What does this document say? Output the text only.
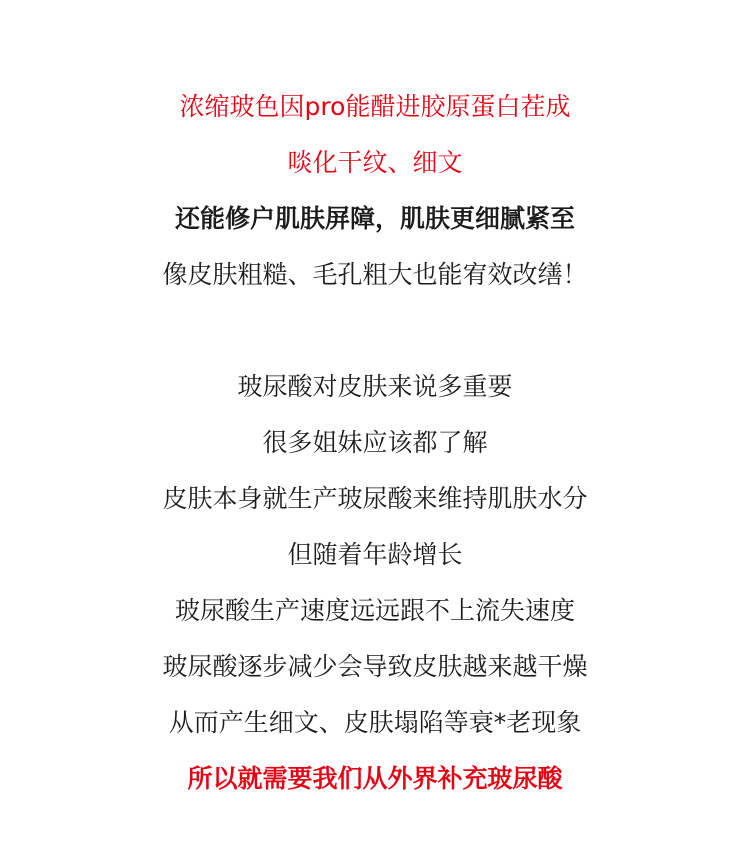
浓缩玻色因pro能醋进胶原蛋白茬成
啖化干纹、细文
还能修户肌肤屏障，肌肤更细腻紧至
像皮肤粗糙、毛孔粗大也能宥效改缮！
玻尿酸对皮肤来说多重要
很多姐妹应该都了解
皮肤本身就生产玻尿酸来维持肌肤水分
但随着年龄增长
玻尿酸生产速度远远跟不上流失速度
玻尿酸逐步减少会导致皮肤越来越干燥
从而产生细文、皮肤塌陷等衰*老现象
所以就需要我们从外界补充玻尿酸
